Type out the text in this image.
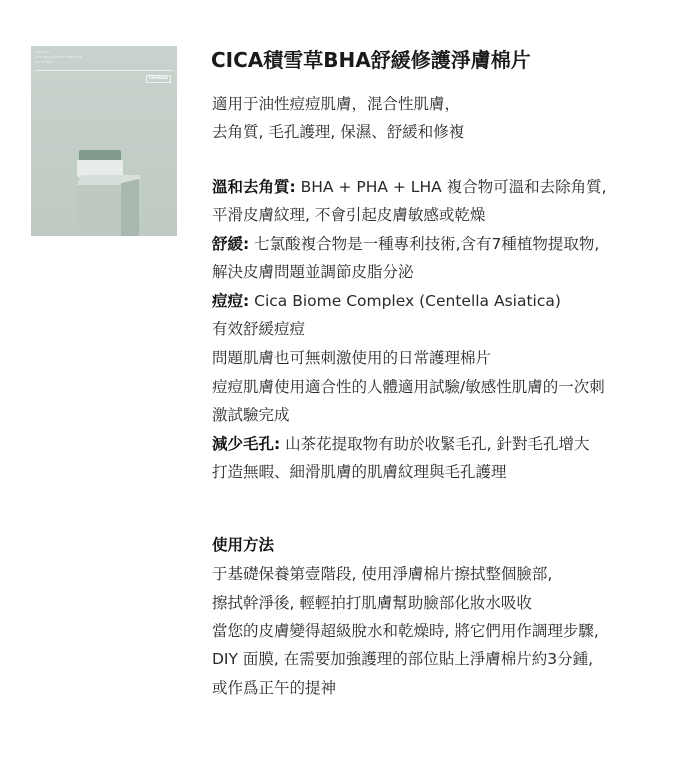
CICA CHA
CICA BHA BLEMISH TONER PAD
ALL ACTIVE
celimax
CICA積雪草BHA舒緩修護淨膚棉片

適用于油性痘痘肌膚，混合性肌膚，

去角質, 毛孔護理, 保濕、舒緩和修複

溫和去角質: BHA + PHA + LHA 複合物可溫和去除角質,

平滑皮膚紋理, 不會引起皮膚敏感或乾燥

舒緩: 七氯酸複合物是一種專利技術,含有7種植物提取物,

解決皮膚問題並調節皮脂分泌

痘痘: Cica Biome Complex (Centella Asiatica)

有效舒緩痘痘

問題肌膚也可無刺激使用的日常護理棉片

痘痘肌膚使用適合性的人體適用試驗/敏感性肌膚的一次刺

激試驗完成

減少毛孔: 山茶花提取物有助於收緊毛孔, 針對毛孔增大

打造無暇、細滑肌膚的肌膚紋理與毛孔護理

使用方法

于基礎保養第壹階段, 使用淨膚棉片擦拭整個臉部,

擦拭幹淨後, 輕輕拍打肌膚幫助臉部化妝水吸收

當您的皮膚變得超級脫水和乾燥時, 將它們用作調理步驟,

DIY 面膜, 在需要加強護理的部位貼上淨膚棉片約3分鍾,

或作爲正午的提神
